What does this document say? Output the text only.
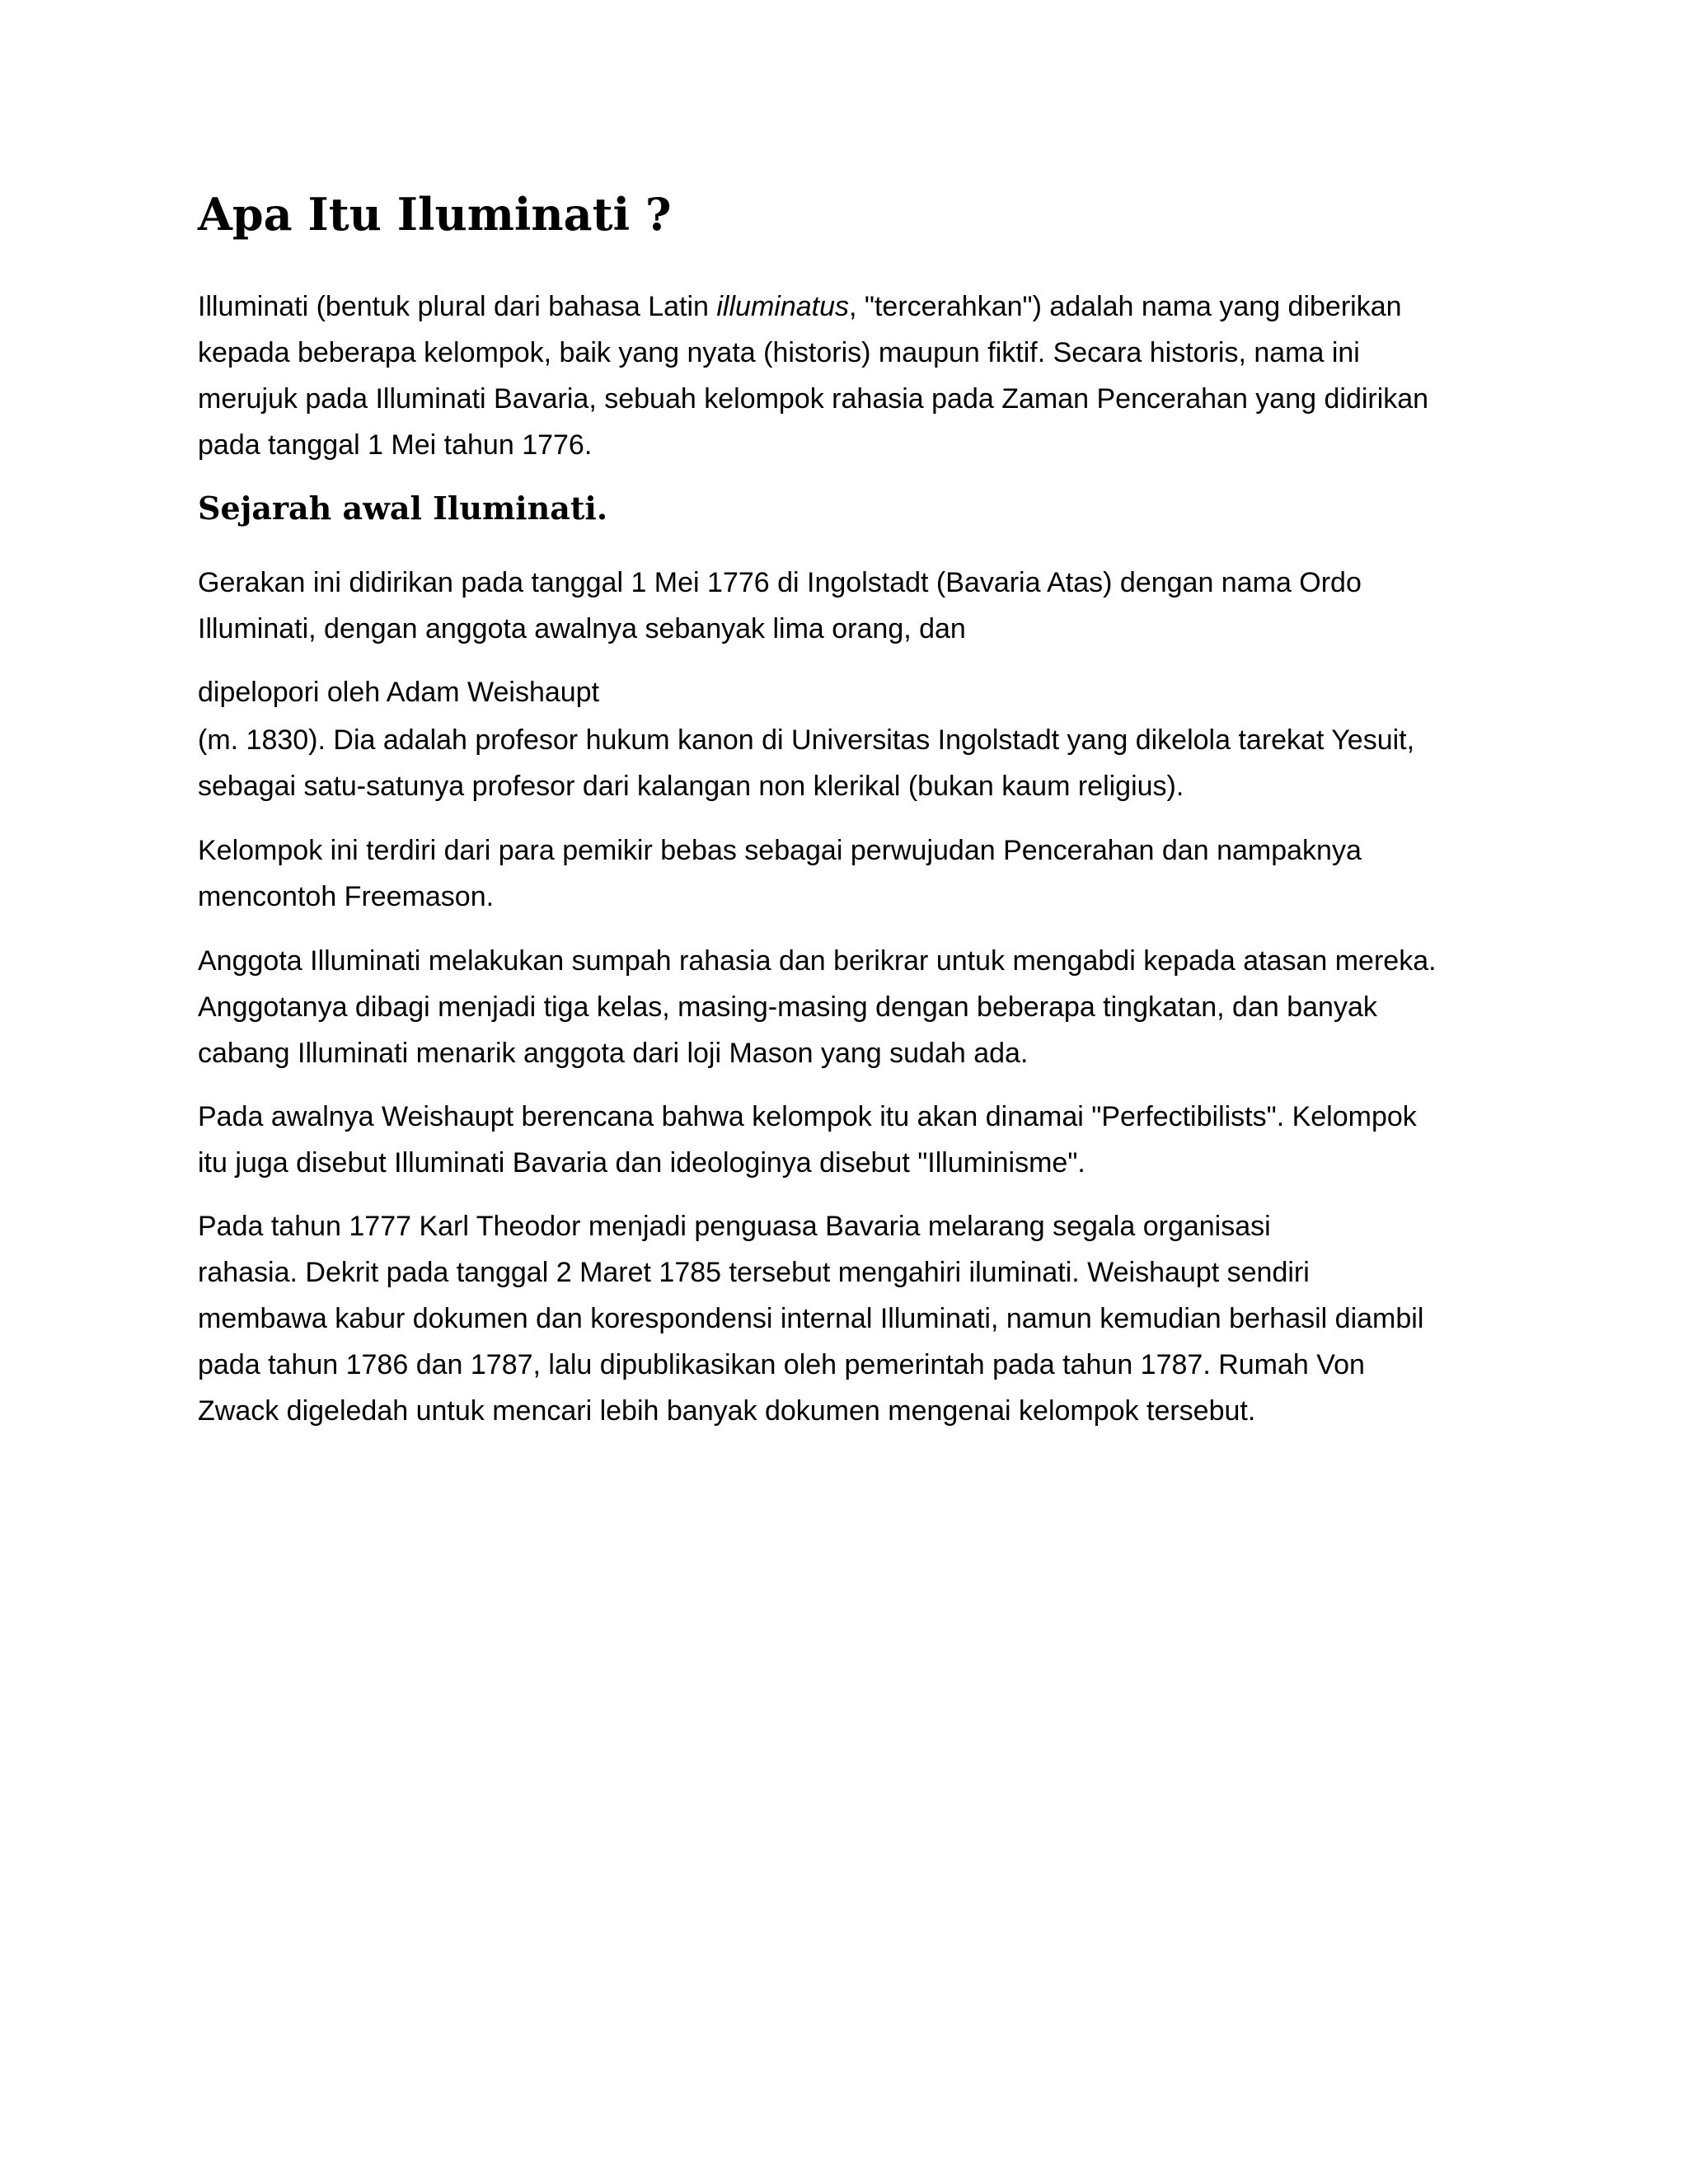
Apa Itu Iluminati ?

Illuminati (bentuk plural dari bahasa Latin illuminatus, "tercerahkan") adalah nama yang diberikan

kepada beberapa kelompok, baik yang nyata (historis) maupun fiktif. Secara historis, nama ini

merujuk pada Illuminati Bavaria, sebuah kelompok rahasia pada Zaman Pencerahan yang didirikan

pada tanggal 1 Mei tahun 1776.

Sejarah awal Iluminati.

Gerakan ini didirikan pada tanggal 1 Mei 1776 di Ingolstadt (Bavaria Atas) dengan nama Ordo

Illuminati, dengan anggota awalnya sebanyak lima orang, dan

dipelopori oleh Adam Weishaupt

(m. 1830). Dia adalah profesor hukum kanon di Universitas Ingolstadt yang dikelola tarekat Yesuit,

sebagai satu-satunya profesor dari kalangan non klerikal (bukan kaum religius).

Kelompok ini terdiri dari para pemikir bebas sebagai perwujudan Pencerahan dan nampaknya

mencontoh Freemason.

Anggota Illuminati melakukan sumpah rahasia dan berikrar untuk mengabdi kepada atasan mereka.

Anggotanya dibagi menjadi tiga kelas, masing-masing dengan beberapa tingkatan, dan banyak

cabang Illuminati menarik anggota dari loji Mason yang sudah ada.

Pada awalnya Weishaupt berencana bahwa kelompok itu akan dinamai "Perfectibilists". Kelompok

itu juga disebut Illuminati Bavaria dan ideologinya disebut "Illuminisme".

Pada tahun 1777 Karl Theodor menjadi penguasa Bavaria melarang segala organisasi

rahasia. Dekrit pada tanggal 2 Maret 1785 tersebut mengahiri iluminati. Weishaupt sendiri

membawa kabur dokumen dan korespondensi internal Illuminati, namun kemudian berhasil diambil

pada tahun 1786 dan 1787, lalu dipublikasikan oleh pemerintah pada tahun 1787. Rumah Von

Zwack digeledah untuk mencari lebih banyak dokumen mengenai kelompok tersebut.
